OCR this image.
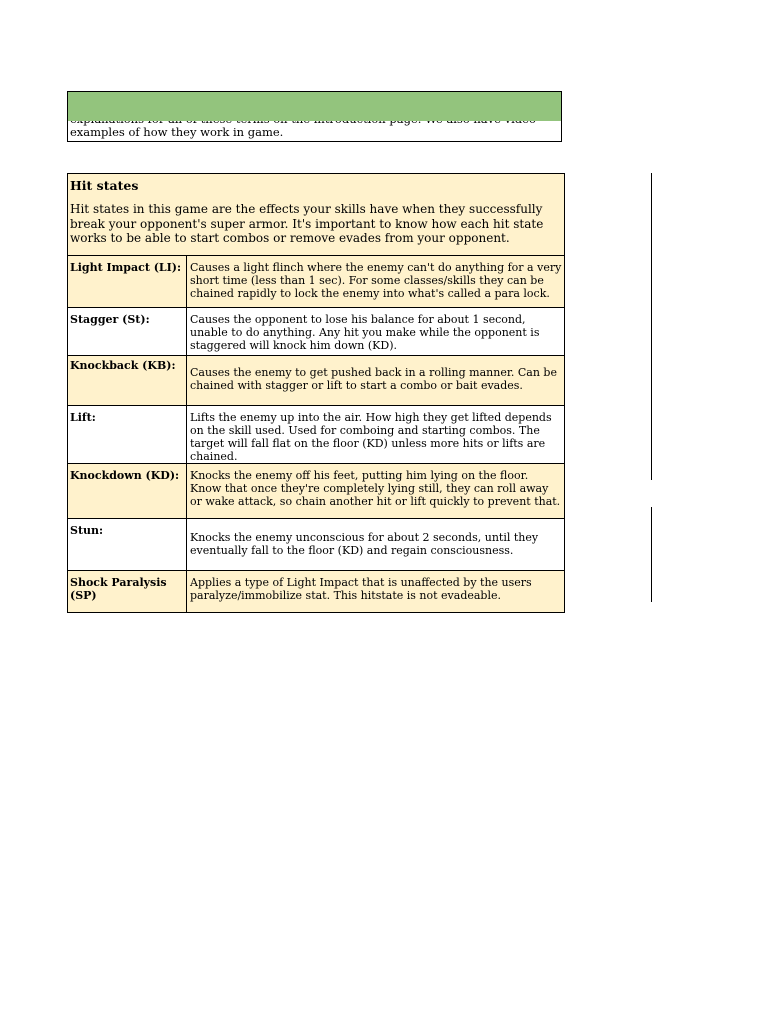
examples of how they work in game.
Hit states
Hit states in this game are the effects your skills have when they successfully break your opponent's super armor. It's important to know how each hit state works to be able to start combos or remove evades from your opponent.	

Light Impact (LI):	Causes a light flinch where the enemy can't do anything for a very short time (less than 1 sec). For some classes/skills they can be chained rapidly to lock the enemy into what's called a para lock.
Stagger (St):	Causes the opponent to lose his balance for about 1 second, unable to do anything. Any hit you make while the opponent is staggered will knock him down (KD).
Knockback (KB):	Causes the enemy to get pushed back in a rolling manner. Can be chained with stagger or lift to start a combo or bait evades.
Lift:	Lifts the enemy up into the air. How high they get lifted depends on the skill used. Used for comboing and starting combos. The target will fall flat on the floor (KD) unless more hits or lifts are chained.
Knockdown (KD):	Knocks the enemy off his feet, putting him lying on the floor. Know that once they're completely lying still, they can roll away or wake attack, so chain another hit or lift quickly to prevent that.
Stun:	Knocks the enemy unconscious for about 2 seconds, until they eventually fall to the floor (KD) and regain consciousness.
Shock Paralysis (SP)	Applies a type of Light Impact that is unaffected by the users paralyze/immobilize stat. This hitstate is not evadeable.
